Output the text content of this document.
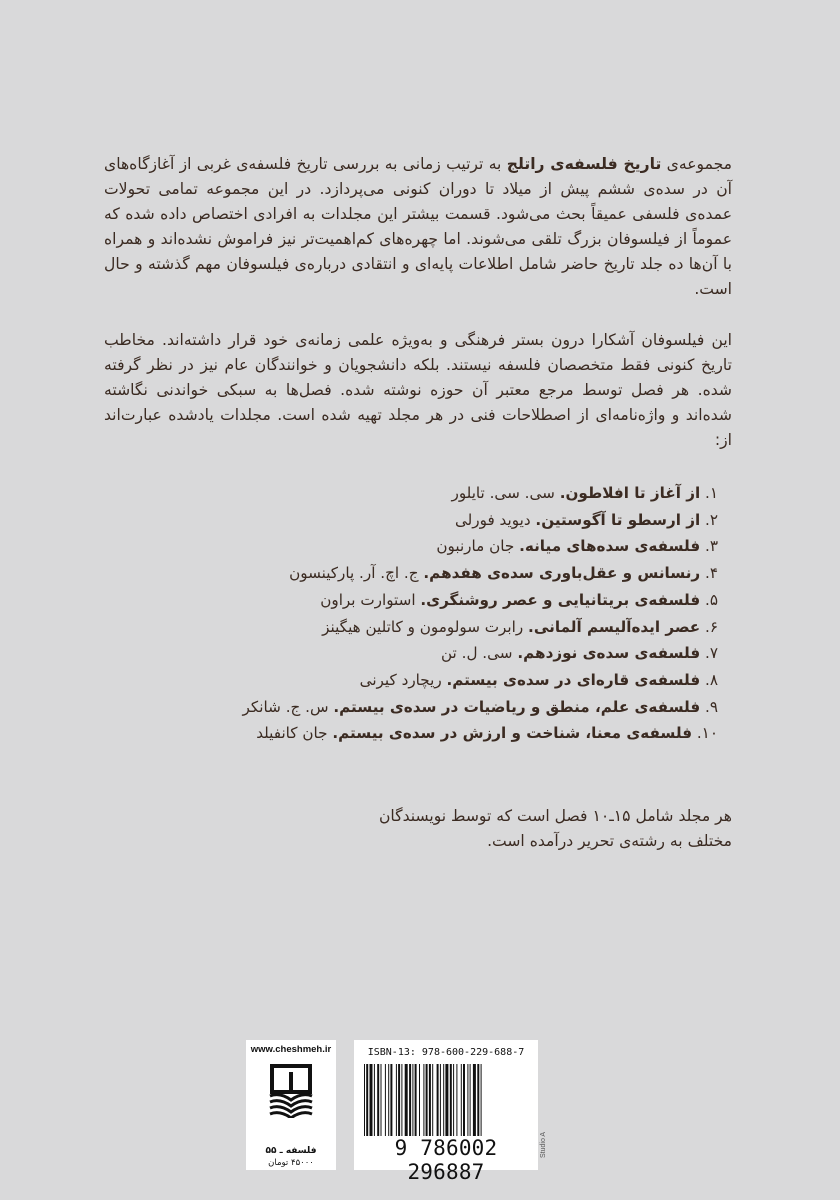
مجموعه‌ی تاریخ فلسفه‌ی راتلج به ترتیب زمانی به بررسی تاریخ فلسفه‌ی غربی از آغازگاه‌های آن در سده‌ی ششم پیش از میلاد تا دوران کنونی می‌پردازد. در این مجموعه تمامی تحولات عمده‌ی فلسفی عمیقاً بحث می‌شود. قسمت بیشتر این مجلدات به افرادی اختصاص داده شده که عموماً از فیلسوفان بزرگ تلقی می‌شوند. اما چهره‌های کم‌اهمیت‌تر نیز فراموش نشده‌اند و همراه با آن‌ها ده جلد تاریخ حاضر شامل اطلاعات پایه‌ای و انتقادی درباره‌ی فیلسوفان مهم گذشته و حال است.
این فیلسوفان آشکارا درون بستر فرهنگی و به‌ویژه علمی زمانه‌ی خود قرار داشته‌اند. مخاطب تاریخ کنونی فقط متخصصان فلسفه نیستند. بلکه دانشجویان و خوانندگان عام نیز در نظر گرفته شده. هر فصل توسط مرجع معتبر آن حوزه نوشته شده. فصل‌ها به سبکی خواندنی نگاشته شده‌اند و واژه‌نامه‌ای از اصطلاحات فنی در هر مجلد تهیه شده است. مجلدات یادشده عبارت‌اند از:
۱. از آغاز تا افلاطون. سی. سی. تایلور
۲. از ارسطو تا آگوستین. دیوید فورلی
۳. فلسفه‌ی سده‌های میانه. جان مارنبون
۴. رنسانس و عقل‌باوری سده‌ی هفدهم. ج. اچ. آر. پارکینسون
۵. فلسفه‌ی بریتانیایی و عصر روشنگری. استوارت براون
۶. عصر ایده‌آلیسم آلمانی. رابرت سولومون و کاتلین هیگینز
۷. فلسفه‌ی سده‌ی نوزدهم. سی. ل. تن
۸. فلسفه‌ی قاره‌ای در سده‌ی بیستم. ریچارد کیرنی
۹. فلسفه‌ی علم، منطق و ریاضیات در سده‌ی بیستم. س. ج. شانکر
۱۰. فلسفه‌ی معنا، شناخت و ارزش در سده‌ی بیستم. جان کانفیلد
هر مجلد شامل ۱۵ـ۱۰ فصل است که توسط نویسندگان مختلف به رشته‌ی تحریر درآمده است.
www.cheshmeh.ir
فلسفه ـ ۵۵
۴۵۰۰۰ تومان
ISBN-13: 978-600-229-688-7
9 786002 296887
Studio A
